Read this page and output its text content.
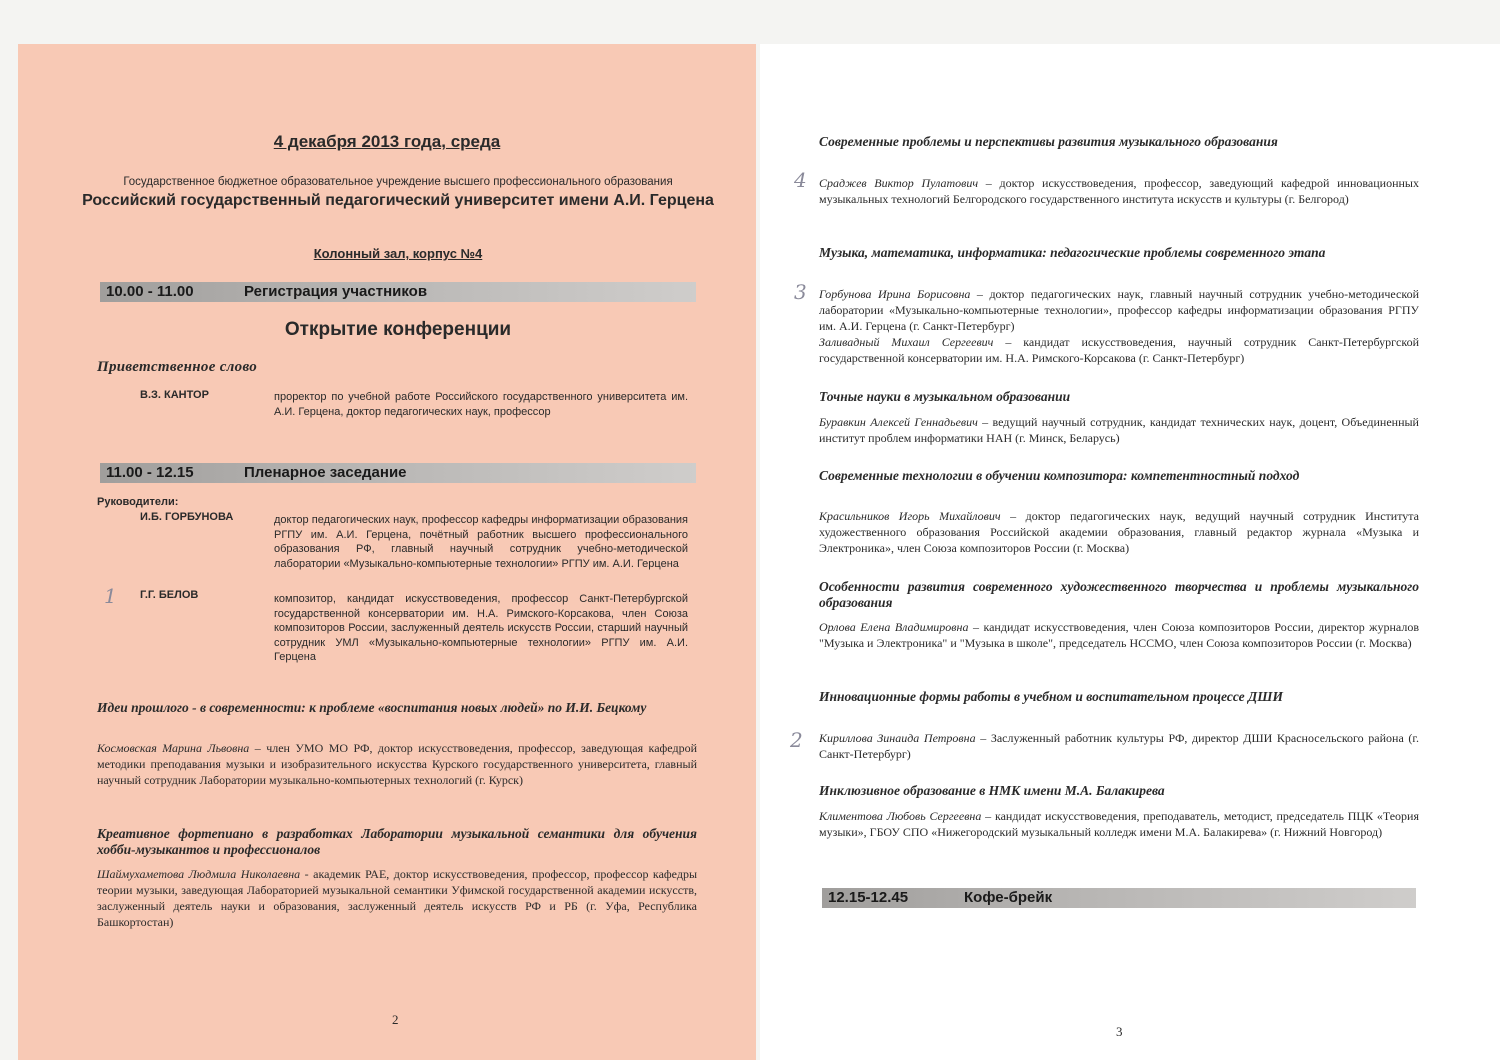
4 декабря 2013 года, среда
Государственное бюджетное образовательное учреждение высшего профессионального образования
Российский государственный педагогический университет имени А.И. Герцена
Колонный зал, корпус №4
10.00 - 11.00	Регистрация участников
Открытие конференции
Приветственное слово
В.З. КАНТОР	проректор по учебной работе Российского государственного университета им. А.И. Герцена, доктор педагогических наук, профессор
11.00 - 12.15	Пленарное заседание
Руководители:
И.Б. ГОРБУНОВА	доктор педагогических наук, профессор кафедры информатизации образования РГПУ им. А.И. Герцена, почётный работник высшего профессионального образования РФ, главный научный сотрудник учебно-методической лаборатории «Музыкально-компьютерные технологии» РГПУ им. А.И. Герцена
1 Г.Г. БЕЛОВ	композитор, кандидат искусствоведения, профессор Санкт-Петербургской государственной консерватории им. Н.А. Римского-Корсакова, член Союза композиторов России, заслуженный деятель искусств России, старший научный сотрудник УМЛ «Музыкально-компьютерные технологии» РГПУ им. А.И. Герцена
Идеи прошлого - в современности: к проблеме «воспитания новых людей» по И.И. Бецкому
Космовская Марина Львовна – член УМО МО РФ, доктор искусствоведения, профессор, заведующая кафедрой методики преподавания музыки и изобразительного искусства Курского государственного университета, главный научный сотрудник Лаборатории музыкально-компьютерных технологий (г. Курск)
Креативное фортепиано в разработках Лаборатории музыкальной семантики для обучения хобби-музыкантов и профессионалов
Шаймухаметова Людмила Николаевна - академик РАЕ, доктор искусствоведения, профессор, профессор кафедры теории музыки, заведующая Лабораторией музыкальной семантики Уфимской государственной академии искусств, заслуженный деятель науки и образования, заслуженный деятель искусств РФ и РБ (г. Уфа, Республика Башкортостан)
2
Современные проблемы и перспективы развития музыкального образования
4 Сраджев Виктор Пулатович – доктор искусствоведения, профессор, заведующий кафедрой инновационных музыкальных технологий Белгородского государственного института искусств и культуры (г. Белгород)
Музыка, математика, информатика: педагогические проблемы современного этапа
3 Горбунова Ирина Борисовна – доктор педагогических наук, главный научный сотрудник учебно-методической лаборатории «Музыкально-компьютерные технологии», профессор кафедры информатизации образования РГПУ им. А.И. Герцена (г. Санкт-Петербург)
Заливадный Михаил Сергеевич – кандидат искусствоведения, научный сотрудник Санкт-Петербургской государственной консерватории им. Н.А. Римского-Корсакова (г. Санкт-Петербург)
Точные науки в музыкальном образовании
Буравкин Алексей Геннадьевич – ведущий научный сотрудник, кандидат технических наук, доцент, Объединенный институт проблем информатики НАН (г. Минск, Беларусь)
Современные технологии в обучении композитора: компетентностный подход
Красильников Игорь Михайлович – доктор педагогических наук, ведущий научный сотрудник Института художественного образования Российской академии образования, главный редактор журнала «Музыка и Электроника», член Союза композиторов России (г. Москва)
Особенности развития современного художественного творчества и проблемы музыкального образования
Орлова Елена Владимировна – кандидат искусствоведения, член Союза композиторов России, директор журналов "Музыка и Электроника" и "Музыка в школе", председатель НССМО, член Союза композиторов России (г. Москва)
Инновационные формы работы в учебном и воспитательном процессе ДШИ
2 Кириллова Зинаида Петровна – Заслуженный работник культуры РФ, директор ДШИ Красносельского района (г. Санкт-Петербург)
Инклюзивное образование в НМК имени М.А. Балакирева
Климентова Любовь Сергеевна – кандидат искусствоведения, преподаватель, методист, председатель ПЦК «Теория музыки», ГБОУ СПО «Нижегородский музыкальный колледж имени М.А. Балакирева» (г. Нижний Новгород)
12.15-12.45	Кофе-брейк
3
